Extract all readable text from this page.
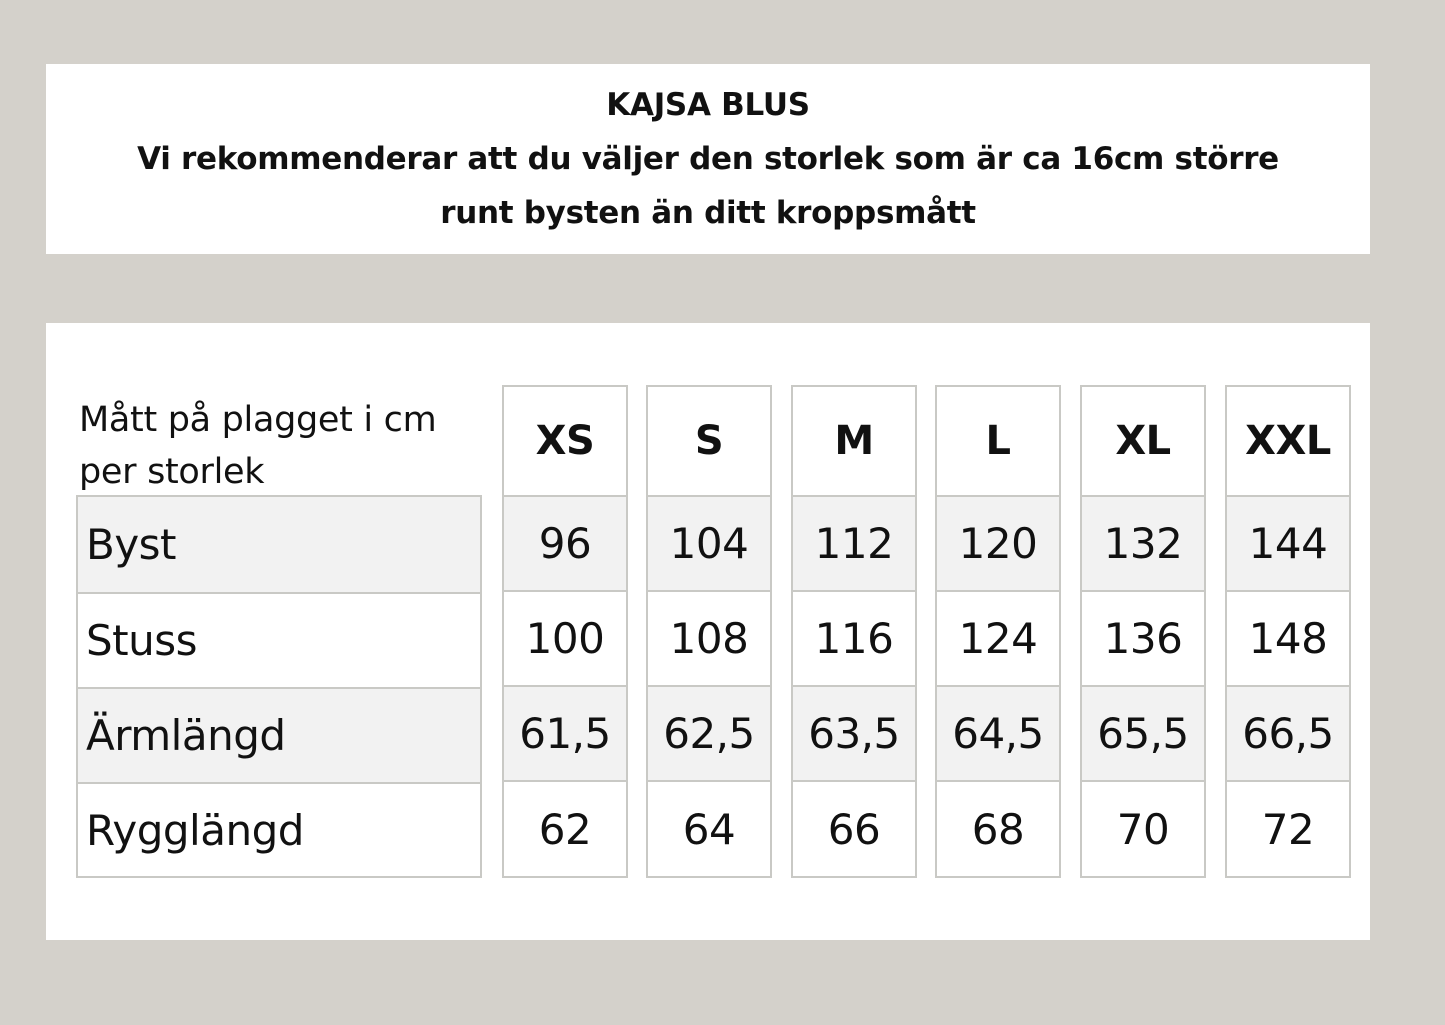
KAJSA BLUS
Vi rekommenderar att du väljer den storlek som är ca 16cm större
runt bysten än ditt kroppsmått
Mått på plagget i cm
per storlek
Byst
Stuss
Ärmlängd
Rygglängd
XS
96
100
61,5
62
S
104
108
62,5
64
M
112
116
63,5
66
L
120
124
64,5
68
XL
132
136
65,5
70
XXL
144
148
66,5
72
